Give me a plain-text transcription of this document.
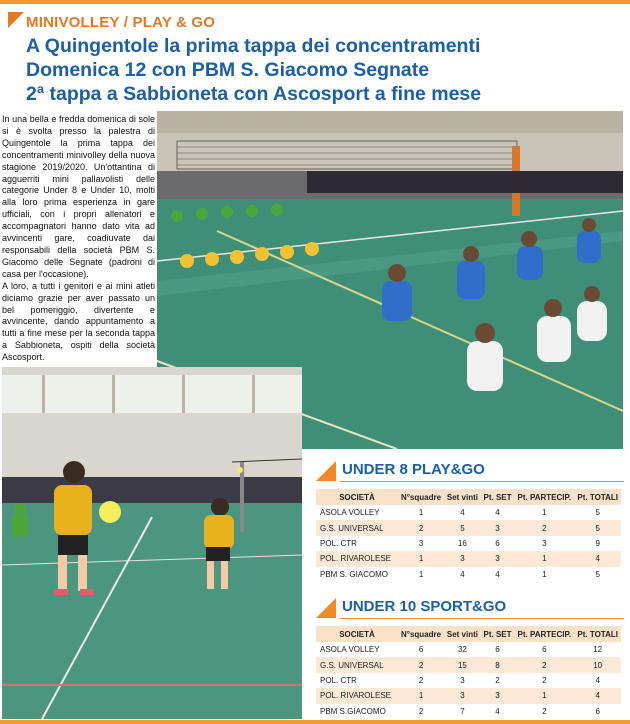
MINIVOLLEY / PLAY & GO
A Quingentole la prima tappa dei concentramenti
Domenica 12 con PBM S. Giacomo Segnate
2ª tappa a Sabbioneta con Ascosport a fine mese
In una bella e fredda domenica di sole si è svolta presso la palestra di Quingentole la prima tappa dei concentramenti minivolley della nuova stagione 2019/2020. Un'ottantina di agguerriti mini pallavolisti delle categorie Under 8 e Under 10, molti alla loro prima esperienza in gare ufficiali, con i propri allenatori e accompagnatori hanno dato vita ad avvincenti gare, coadiuvate dai responsabili della società PBM S. Giacomo delle Segnate (padroni di casa per l'occasione).
A loro, a tutti i genitori e ai mini atleti diciamo grazie per aver passato un bel pomeriggio, divertente e avvincente, dando appuntamento a tutti a fine mese per la seconda tappa a Sabbioneta, ospiti della società Ascosport.
UNDER 8 PLAY&GO
SOCIETÀ	N°squadre	Set vinti	Pt. SET	Pt. PARTECIP.	Pt. TOTALI
ASOLA VOLLEY	1	4	4	1	5
G.S. UNIVERSAL	2	5	3	2	5
POL. CTR	3	16	6	3	9
POL. RIVAROLESE	1	3	3	1	4
PBM S. GIACOMO	1	4	4	1	5
UNDER 10 SPORT&GO
SOCIETÀ	N°squadre	Set vinti	Pt. SET	Pt. PARTECIP.	Pt. TOTALI
ASOLA VOLLEY	6	32	6	6	12
G.S. UNIVERSAL	2	15	8	2	10
POL. CTR	2	3	2	2	4
POL. RIVAROLESE	1	3	3	1	4
PBM S.GIACOMO	2	7	4	2	6
